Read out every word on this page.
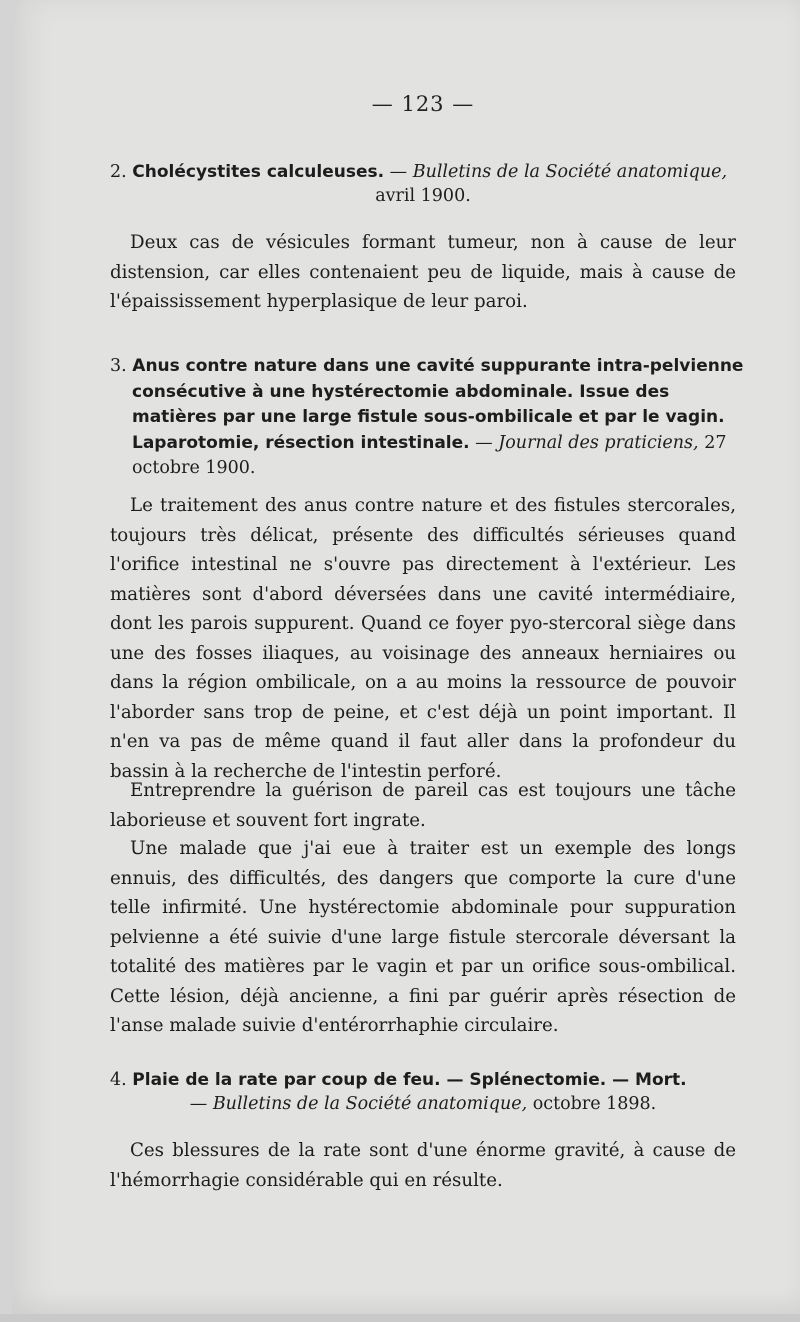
— 123 —
2. Cholécystites calculeuses. — Bulletins de la Société anatomique,
avril 1900.
Deux cas de vésicules formant tumeur, non à cause de leur distension, car elles contenaient peu de liquide, mais à cause de l'épaississement hyperplasique de leur paroi.
3. Anus contre nature dans une cavité suppurante intra-pelvienne consécutive à une hystérectomie abdominale. Issue des matières par une large fistule sous-ombilicale et par le vagin. Laparotomie, résection intestinale. — Journal des praticiens, 27 octobre 1900.
Le traitement des anus contre nature et des fistules stercorales, toujours très délicat, présente des difficultés sérieuses quand l'orifice intestinal ne s'ouvre pas directement à l'extérieur. Les matières sont d'abord déversées dans une cavité intermédiaire, dont les parois suppurent. Quand ce foyer pyo-stercoral siège dans une des fosses iliaques, au voisinage des anneaux herniaires ou dans la région ombilicale, on a au moins la ressource de pouvoir l'aborder sans trop de peine, et c'est déjà un point important. Il n'en va pas de même quand il faut aller dans la profondeur du bassin à la recherche de l'intestin perforé.
Entreprendre la guérison de pareil cas est toujours une tâche laborieuse et souvent fort ingrate.
Une malade que j'ai eue à traiter est un exemple des longs ennuis, des difficultés, des dangers que comporte la cure d'une telle infirmité. Une hystérectomie abdominale pour suppuration pelvienne a été suivie d'une large fistule stercorale déversant la totalité des matières par le vagin et par un orifice sous-ombilical. Cette lésion, déjà ancienne, a fini par guérir après résection de l'anse malade suivie d'entérorrhaphie circulaire.
4. Plaie de la rate par coup de feu. — Splénectomie. — Mort.
— Bulletins de la Société anatomique, octobre 1898.
Ces blessures de la rate sont d'une énorme gravité, à cause de l'hémorrhagie considérable qui en résulte.
